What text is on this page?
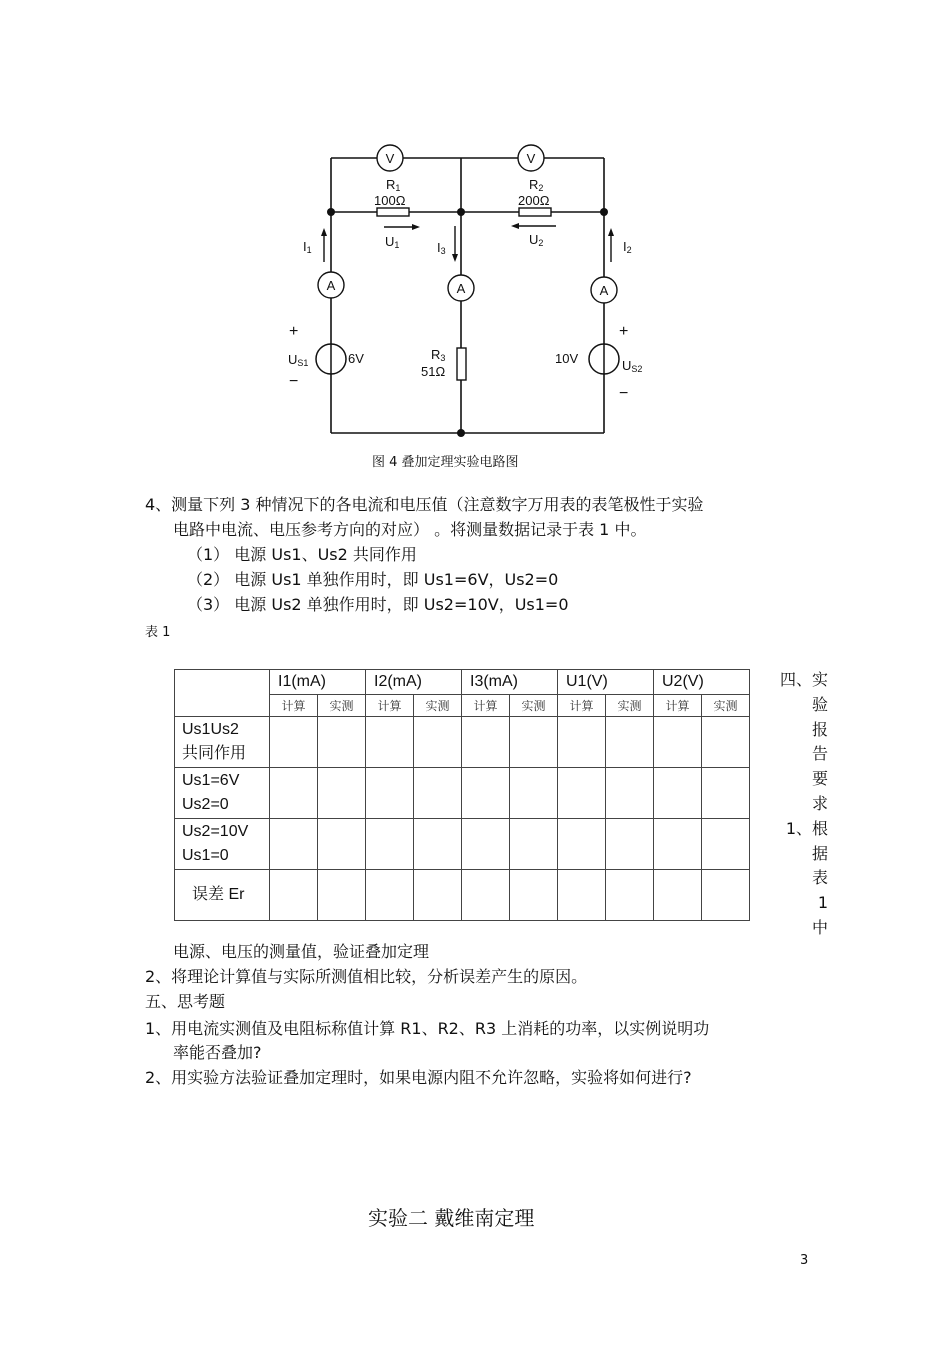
V	V
R1
100Ω
R2
200Ω
U1	U2
I1	I3	I2
A	A	A
+
US1
−
6V
+
US2
−
10V
R3
51Ω
图 4 叠加定理实验电路图
4、测量下列 3 种情况下的各电流和电压值（注意数字万用表的表笔极性于实验
电路中电流、电压参考方向的对应） 。将测量数据记录于表 1 中。
（1） 电源 Us1、Us2 共同作用
（2） 电源 Us1 单独作用时，即 Us1=6V，Us2=0
（3） 电源 Us2 单独作用时，即 Us2=10V，Us1=0
表 1
	I1(mA)		I2(mA)		I3(mA)		U1(V)		U2(V)	
	计算	实测	计算	实测	计算	实测	计算	实测	计算	实测

Us1Us2
共同作用										

Us1=6V
Us2=0										

Us2=10V
Us1=0										

误差 Er										

四、 实
验
报
告
要
求
1、根
据
表
1
中
电源、电压的测量值，验证叠加定理
2、将理论计算值与实际所测值相比较，分析误差产生的原因。
五、思考题
1、用电流实测值及电阻标称值计算 R1、R2、R3 上消耗的功率，以实例说明功
率能否叠加?
2、用实验方法验证叠加定理时，如果电源内阻不允许忽略，实验将如何进行?
实验二 戴维南定理
3
